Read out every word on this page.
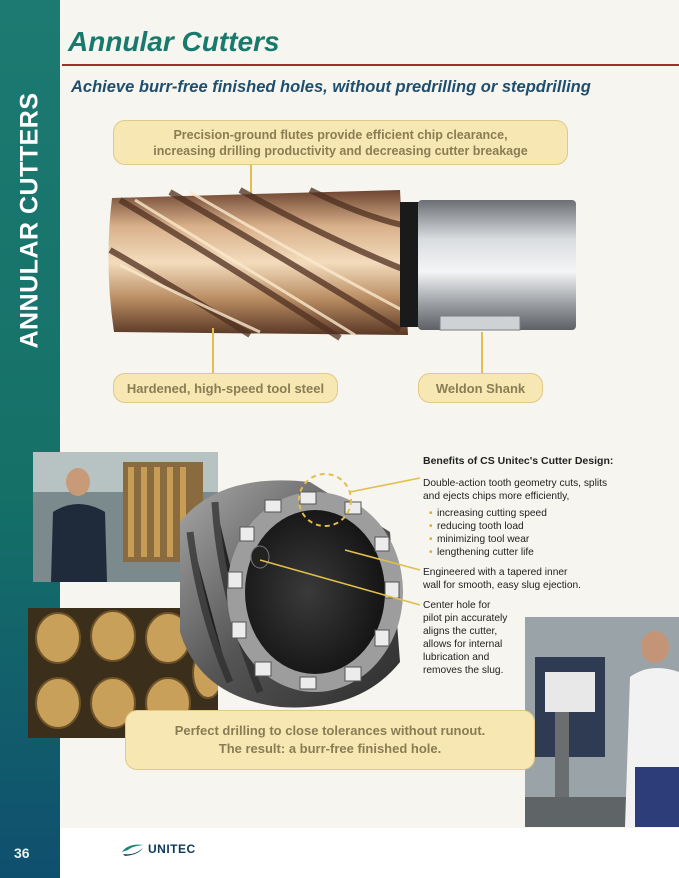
ANNULAR CUTTERS
36
Annular Cutters
Achieve burr-free finished holes, without predrilling or stepdrilling
Precision-ground flutes provide efficient chip clearance,
increasing drilling productivity and decreasing cutter breakage
Hardened, high-speed tool steel	Weldon Shank
Benefits of CS Unitec's Cutter Design:

Double-action tooth geometry cuts, splits

and ejects chips more efficiently,

• increasing cutting speed
• reducing tooth load
• minimizing tool wear
• lengthening cutter life

Engineered with a tapered inner

wall for smooth, easy slug ejection.

Center hole for

pilot pin accurately

aligns the cutter,

allows for internal

lubrication and

removes the slug.

Perfect drilling to close tolerances without runout.
The result: a burr-free finished hole.
UNITEC
